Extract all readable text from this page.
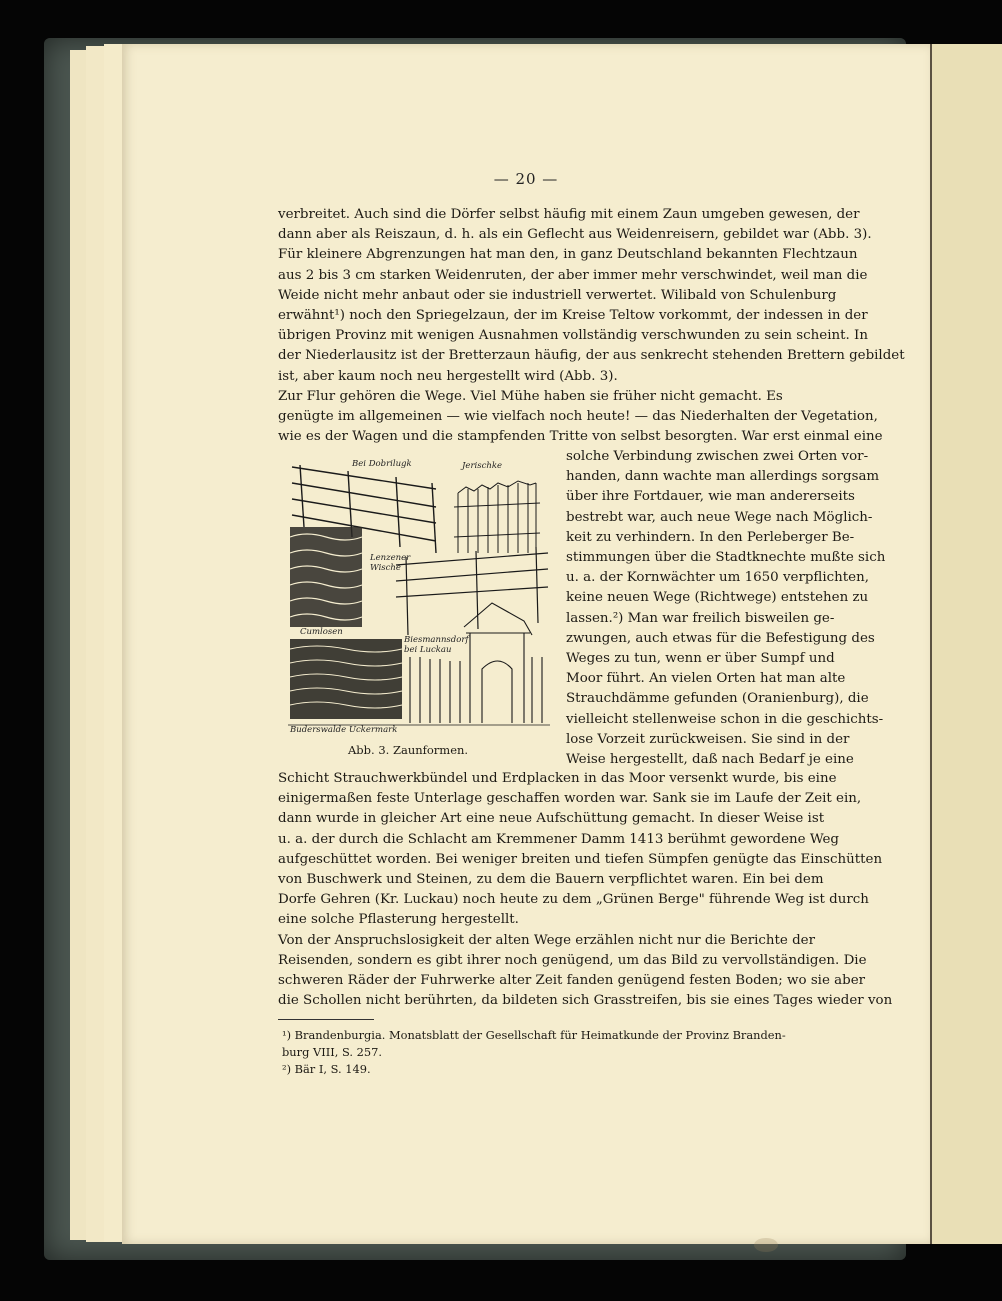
— 20 —
verbreitet. Auch sind die Dörfer selbst häufig mit einem Zaun umgeben gewesen, der
dann aber als Reiszaun, d. h. als ein Geflecht aus Weidenreisern, gebildet war (Abb. 3).
Für kleinere Abgrenzungen hat man den, in ganz Deutschland bekannten Flechtzaun
aus 2 bis 3 cm starken Weidenruten, der aber immer mehr verschwindet, weil man die
Weide nicht mehr anbaut oder sie industriell verwertet. Wilibald von Schulenburg
erwähnt¹) noch den Spriegelzaun, der im Kreise Teltow vorkommt, der indessen in der
übrigen Provinz mit wenigen Ausnahmen vollständig verschwunden zu sein scheint. In
der Niederlausitz ist der Bretterzaun häufig, der aus senkrecht stehenden Brettern gebildet
ist, aber kaum noch neu hergestellt wird (Abb. 3).
Zur Flur gehören die Wege. Viel Mühe haben sie früher nicht gemacht. Es
genügte im allgemeinen — wie vielfach noch heute! — das Niederhalten der Vegetation,
wie es der Wagen und die stampfenden Tritte von selbst besorgten. War erst einmal eine
solche Verbindung zwischen zwei Orten vor-
handen, dann wachte man allerdings sorgsam
über ihre Fortdauer, wie man andererseits
bestrebt war, auch neue Wege nach Möglich-
keit zu verhindern. In den Perleberger Be-
stimmungen über die Stadtknechte mußte sich
u. a. der Kornwächter um 1650 verpflichten,
keine neuen Wege (Richtwege) entstehen zu
lassen.²) Man war freilich bisweilen ge-
zwungen, auch etwas für die Befestigung des
Weges zu tun, wenn er über Sumpf und
Moor führt. An vielen Orten hat man alte
Strauchdämme gefunden (Oranienburg), die
vielleicht stellenweise schon in die geschichts-
lose Vorzeit zurückweisen. Sie sind in der
Weise hergestellt, daß nach Bedarf je eine
Schicht Strauchwerkbündel und Erdplacken in das Moor versenkt wurde, bis eine
einigermaßen feste Unterlage geschaffen worden war. Sank sie im Laufe der Zeit ein,
dann wurde in gleicher Art eine neue Aufschüttung gemacht. In dieser Weise ist
u. a. der durch die Schlacht am Kremmener Damm 1413 berühmt gewordene Weg
aufgeschüttet worden. Bei weniger breiten und tiefen Sümpfen genügte das Einschütten
von Buschwerk und Steinen, zu dem die Bauern verpflichtet waren. Ein bei dem
Dorfe Gehren (Kr. Luckau) noch heute zu dem „Grünen Berge" führende Weg ist durch
eine solche Pflasterung hergestellt.
Von der Anspruchslosigkeit der alten Wege erzählen nicht nur die Berichte der
Reisenden, sondern es gibt ihrer noch genügend, um das Bild zu vervollständigen. Die
schweren Räder der Fuhrwerke alter Zeit fanden genügend festen Boden; wo sie aber
die Schollen nicht berührten, da bildeten sich Grasstreifen, bis sie eines Tages wieder von
Bei Dobrilugk	Jerischke
Lenzener Wische
Cumlosen
Biesmannsdorf bei Luckau
Buderswalde Uckermark
Abb. 3. Zaunformen.
¹) Brandenburgia. Monatsblatt der Gesellschaft für Heimatkunde der Provinz Branden-
burg VIII, S. 257.
²) Bär I, S. 149.
